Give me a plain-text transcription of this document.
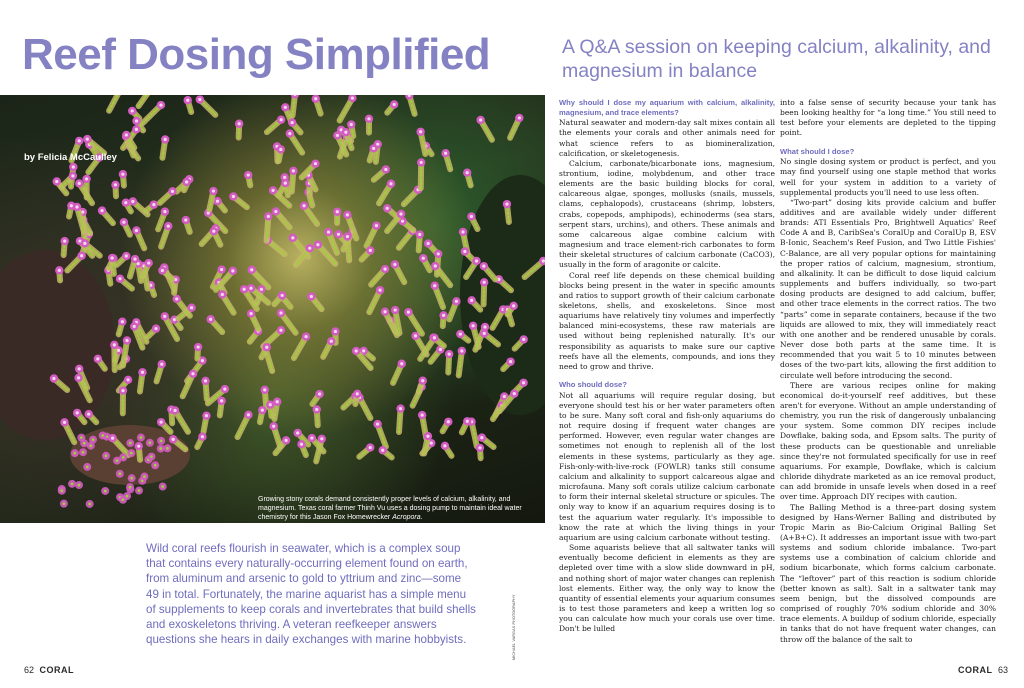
Reef Dosing Simplified	A Q&A session on keeping calcium, alkalinity, and magnesium in balance
by Felicia McCaulley
Growing stony corals demand consistently proper levels of calcium, alkalinity, and magnesium. Texas coral farmer Thinh Vu uses a dosing pump to maintain ideal water chemistry for this Jason Fox Homewrecker Acropora.
Wild coral reefs flourish in seawater, which is a complex soup that contains every naturally-occurring element found on earth, from aluminum and arsenic to gold to yttrium and zinc—some 49 in total. Fortunately, the marine aquarist has a simple menu of supplements to keep corals and invertebrates that build shells and exoskeletons thriving. A veteran reefkeeper answers questions she hears in daily exchanges with marine hobbyists.	MICHAEL VARGAS PHOTOGRAPHY
Why should I dose my aquarium with calcium, alkalinity, magnesium, and trace elements?

Natural seawater and modern-day salt mixes contain all the elements your corals and other animals need for what science refers to as biomineralization, calcification, or skeletogenesis.

Calcium, carbonate/bicarbonate ions, magnesium, strontium, iodine, molybdenum, and other trace elements are the basic building blocks for coral, calcareous algae, sponges, mollusks (snails, mussels, clams, cephalopods), crustaceans (shrimp, lobsters, crabs, copepods, amphipods), echinoderms (sea stars, serpent stars, urchins), and others. These animals and some calcareous algae combine calcium with magnesium and trace element-rich carbonates to form their skeletal structures of calcium carbonate (CaCO3), usually in the form of aragonite or calcite.

Coral reef life depends on these chemical building blocks being present in the water in specific amounts and ratios to support growth of their calcium carbonate skeletons, shells, and exoskeletons. Since most aquariums have relatively tiny volumes and imperfectly balanced mini-ecosystems, these raw materials are used without being replenished naturally. It's our responsibility as aquarists to make sure our captive reefs have all the elements, compounds, and ions they need to grow and thrive.

Who should dose?

Not all aquariums will require regular dosing, but everyone should test his or her water parameters often to be sure. Many soft coral and fish-only aquariums do not require dosing if frequent water changes are performed. However, even regular water changes are sometimes not enough to replenish all of the lost elements in these systems, particularly as they age. Fish-only-with-live-rock (FOWLR) tanks still consume calcium and alkalinity to support calcareous algae and microfauna. Many soft corals utilize calcium carbonate to form their internal skeletal structure or spicules. The only way to know if an aquarium requires dosing is to test the aquarium water regularly. It's impossible to know the rate at which the living things in your aquarium are using calcium carbonate without testing.

Some aquarists believe that all saltwater tanks will eventually become deficient in elements as they are depleted over time with a slow slide downward in pH, and nothing short of major water changes can replenish lost elements. Either way, the only way to know the quantity of essential elements your aquarium consumes is to test those parameters and keep a written log so you can calculate how much your corals use over time. Don't be lulled

into a false sense of security because your tank has been looking healthy for “a long time.” You still need to test before your elements are depleted to the tipping point.

What should I dose?

No single dosing system or product is perfect, and you may find yourself using one staple method that works well for your system in addition to a variety of supplemental products you'll need to use less often.

“Two-part” dosing kits provide calcium and buffer additives and are available widely under different brands: ATI Essentials Pro, Brightwell Aquatics' Reef Code A and B, CaribSea's CoralUp and CoralUp B, ESV B-Ionic, Seachem's Reef Fusion, and Two Little Fishies' C-Balance, are all very popular options for maintaining the proper ratios of calcium, magnesium, strontium, and alkalinity. It can be difficult to dose liquid calcium supplements and buffers individually, so two-part dosing products are designed to add calcium, buffer, and other trace elements in the correct ratios. The two “parts” come in separate containers, because if the two liquids are allowed to mix, they will immediately react with one another and be rendered unusable by corals. Never dose both parts at the same time. It is recommended that you wait 5 to 10 minutes between doses of the two-part kits, allowing the first addition to circulate well before introducing the second.

There are various recipes online for making economical do-it-yourself reef additives, but these aren't for everyone. Without an ample understanding of chemistry, you run the risk of dangerously unbalancing your system. Some common DIY recipes include Dowflake, baking soda, and Epsom salts. The purity of these products can be questionable and unreliable since they're not formulated specifically for use in reef aquariums. For example, Dowflake, which is calcium chloride dihydrate marketed as an ice removal product, can add bromide in unsafe levels when dosed in a reef over time. Approach DIY recipes with caution.

The Balling Method is a three-part dosing system designed by Hans-Werner Balling and distributed by Tropic Marin as Bio-Calcium Original Balling Set (A+B+C). It addresses an important issue with two-part systems and sodium chloride imbalance. Two-part systems use a combination of calcium chloride and sodium bicarbonate, which forms calcium carbonate. The “leftover” part of this reaction is sodium chloride (better known as salt). Salt in a saltwater tank may seem benign, but the dissolved compounds are comprised of roughly 70% sodium chloride and 30% trace elements. A buildup of sodium chloride, especially in tanks that do not have frequent water changes, can throw off the balance of the salt to

62 CORAL	CORAL 63
